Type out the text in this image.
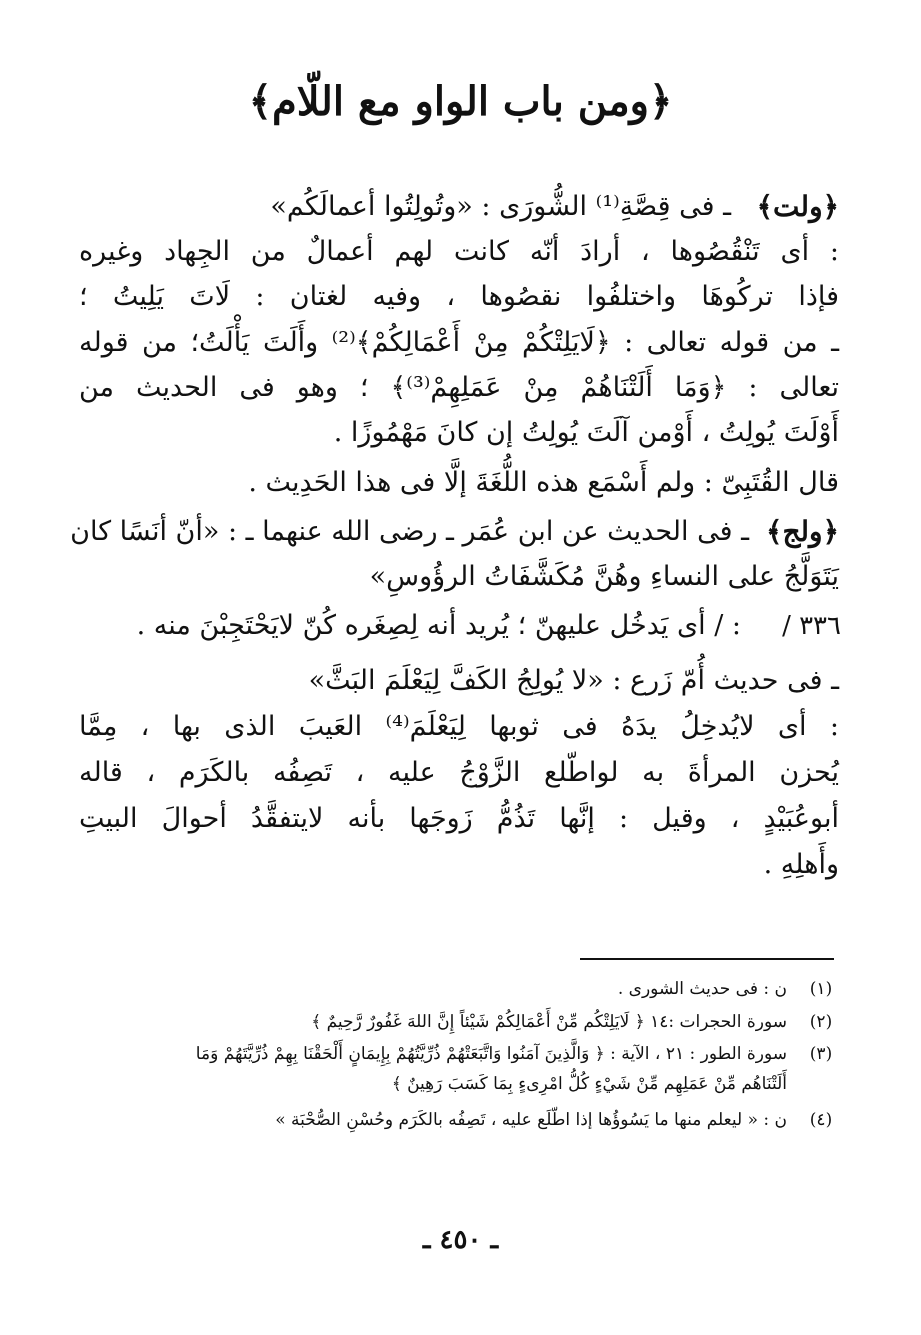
﴿ومن باب الواو مع اللّام﴾
﴿ولت﴾
ـ فى قِصَّةِ⁽¹⁾ الشُّورَى : «وتُولِتُوا أعمالَكُم»
: أى تَنْقُصُوها ، أرادَ أنّه كانت لهم أعمالٌ من الجِهاد وغيره
فإذا تركُوهَا واختلفُوا نقصُوها ، وفيه لغتان : لَاتَ يَلِيتُ ؛
ـ من قوله تعالى : ﴿لَايَلِتْكُمْ مِنْ أَعْمَالِكُمْ﴾⁽²⁾ وأَلَتَ يَأْلَتُ؛ من قوله
تعالى : ﴿وَمَا أَلَتْنَاهُمْ مِنْ عَمَلِهِمْ⁽³⁾﴾ ؛ وهو فى الحديث من
أَوْلَتَ يُولِتُ ، أَوْمن آلَتَ يُولِتُ إن كانَ مَهْمُوزًا .
قال القُتَبِىّ : ولم أَسْمَع هذه اللُّغَةَ إلَّا فى هذا الحَدِيث .
﴿ولج﴾
ـ فى الحديث عن ابن عُمَر ـ رضى الله عنهما ـ : «أنّ أنَسًا كان
يَتَوَلَّجُ على النساءِ وهُنَّ مُكَشَّفَاتُ الرؤُوسِ»
٣٣٦ /
: / أى يَدخُل عليهنّ ؛ يُريد أنه لِصِغَره كُنّ لايَحْتَجِبْنَ منه .
ـ فى حديث أُمّ زَرع : «لا يُولِجُ الكَفَّ لِيَعْلَمَ البَثَّ»
: أى لايُدخِلُ يدَهُ فى ثوبها لِيَعْلَمَ⁽⁴⁾ العَيبَ الذى بها ، مِمَّا
يُحزن المرأةَ به لواطّلع الزَّوْجُ عليه ، تَصِفُه بالكَرَم ، قاله
أبوعُبَيْدٍ ، وقيل : إنَّها تَذُمُّ زَوجَها بأنه لايتفقَّدُ أحوالَ البيتِ
وأَهلِهِ .
(١)ن : فى حديث الشورى .
(٢)سورة الحجرات :١٤ ﴿ لَايَلِتْكُم مِّنْ أَعْمَالِكُمْ شَيْئاً إِنَّ اللهَ غَفُورٌ رَّحِيمٌ ﴾
(٣)سورة الطور : ٢١ ، الآية : ﴿ وَالَّذِينَ آمَنُوا وَاتَّبَعَتْهُمْ ذُرِّيَّتُهُمْ بِإِيمَانٍ أَلْحَقْنَا بِهِمْ ذُرِّيَّتَهُمْ وَمَا
أَلَتْنَاهُم مِّنْ عَمَلِهِم مِّنْ شَيْءٍ كُلُّ امْرِىءٍ بِمَا كَسَبَ رَهِينٌ ﴾
(٤)ن : « ليعلم منها ما يَسُوؤُها إذا اطّلَع عليه ، تَصِفُه بالكَرَم وحُسْنِ الصُّحْبَة »
ـ ٤٥٠ ـ
